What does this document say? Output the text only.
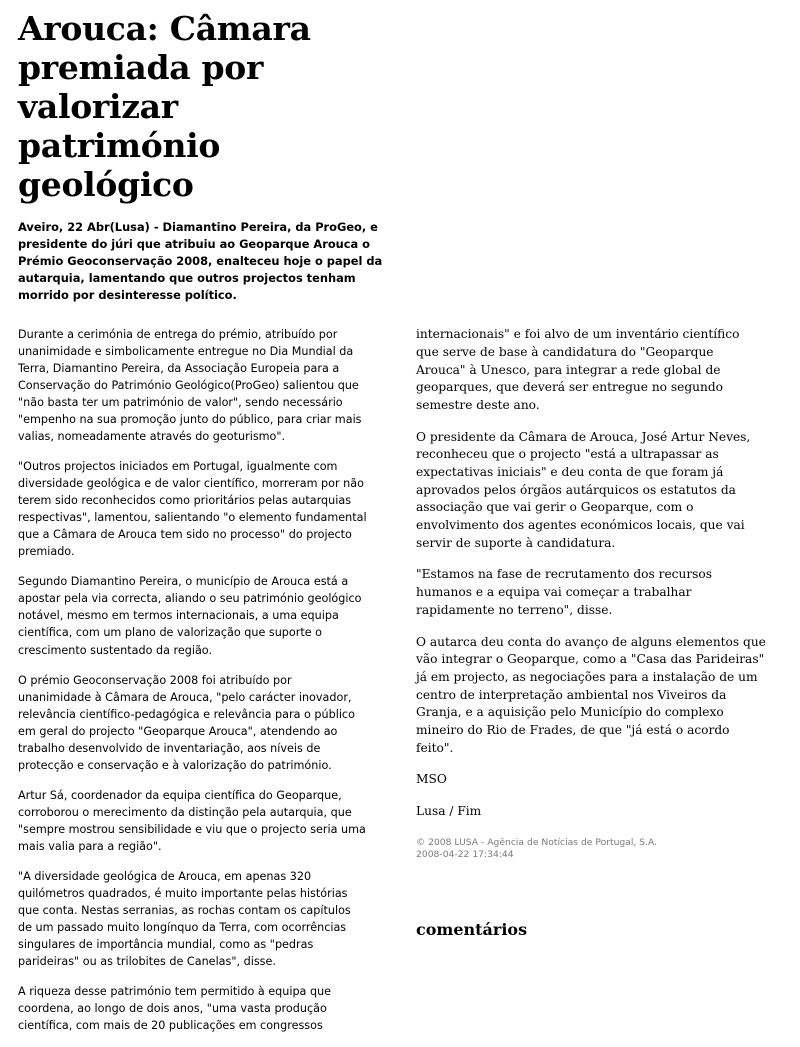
Arouca: Câmara premiada por valorizar património geológico
Aveiro, 22 Abr(Lusa) - Diamantino Pereira, da ProGeo, e presidente do júri que atribuiu ao Geoparque Arouca o Prémio Geoconservação 2008, enalteceu hoje o papel da autarquia, lamentando que outros projectos tenham morrido por desinteresse político.

Durante a cerimónia de entrega do prémio, atribuído por unanimidade e simbolicamente entregue no Dia Mundial da Terra, Diamantino Pereira, da Associação Europeia para a Conservação do Património Geológico(ProGeo) salientou que "não basta ter um património de valor", sendo necessário "empenho na sua promoção junto do público, para criar mais valias, nomeadamente através do geoturismo".

"Outros projectos iniciados em Portugal, igualmente com diversidade geológica e de valor científico, morreram por não terem sido reconhecidos como prioritários pelas autarquias respectivas", lamentou, salientando "o elemento fundamental que a Câmara de Arouca tem sido no processo" do projecto premiado.

Segundo Diamantino Pereira, o município de Arouca está a apostar pela via correcta, aliando o seu património geológico notável, mesmo em termos internacionais, a uma equipa científica, com um plano de valorização que suporte o crescimento sustentado da região.

O prémio Geoconservação 2008 foi atribuído por unanimidade à Câmara de Arouca, "pelo carácter inovador, relevância científico-pedagógica e relevância para o público em geral do projecto "Geoparque Arouca", atendendo ao trabalho desenvolvido de inventariação, aos níveis de protecção e conservação e à valorização do património.

Artur Sá, coordenador da equipa científica do Geoparque, corroborou o merecimento da distinção pela autarquia, que "sempre mostrou sensibilidade e viu que o projecto seria uma mais valia para a região".

"A diversidade geológica de Arouca, em apenas 320 quilómetros quadrados, é muito importante pelas histórias que conta. Nestas serranias, as rochas contam os capítulos de um passado muito longínquo da Terra, com ocorrências singulares de importância mundial, como as "pedras parideiras" ou as trilobites de Canelas", disse.

A riqueza desse património tem permitido à equipa que coordena, ao longo de dois anos, "uma vasta produção científica, com mais de 20 publicações em congressos

internacionais" e foi alvo de um inventário científico que serve de base à candidatura do "Geoparque Arouca" à Unesco, para integrar a rede global de geoparques, que deverá ser entregue no segundo semestre deste ano.

O presidente da Câmara de Arouca, José Artur Neves, reconheceu que o projecto "está a ultrapassar as expectativas iniciais" e deu conta de que foram já aprovados pelos órgãos autárquicos os estatutos da associação que vai gerir o Geoparque, com o envolvimento dos agentes económicos locais, que vai servir de suporte à candidatura.

"Estamos na fase de recrutamento dos recursos humanos e a equipa vai começar a trabalhar rapidamente no terreno", disse.

O autarca deu conta do avanço de alguns elementos que vão integrar o Geoparque, como a "Casa das Parideiras" já em projecto, as negociações para a instalação de um centro de interpretação ambiental nos Viveiros da Granja, e a aquisição pelo Município do complexo mineiro do Rio de Frades, de que "já está o acordo feito".

MSO
Lusa / Fim
© 2008 LUSA - Agência de Notícias de Portugal, S.A.
2008-04-22 17:34:44
comentários
